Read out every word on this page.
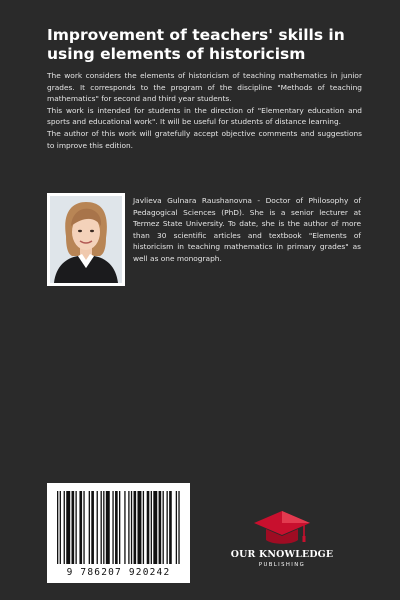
Improvement of teachers' skills in using elements of historicism

The work considers the elements of historicism of teaching mathematics in junior grades. It corresponds to the program of the discipline "Methods of teaching mathematics" for second and third year students.

This work is intended for students in the direction of "Elementary education and sports and educational work". It will be useful for students of distance learning.

The author of this work will gratefully accept objective comments and suggestions to improve this edition.

Javlieva Gulnara Raushanovna - Doctor of Philosophy of Pedagogical Sciences (PhD). She is a senior lecturer at Termez State University. To date, she is the author of more than 30 scientific articles and textbook "Elements of historicism in teaching mathematics in primary grades" as well as one monograph.

9 786207 920242
OUR KNOWLEDGE
PUBLISHING
